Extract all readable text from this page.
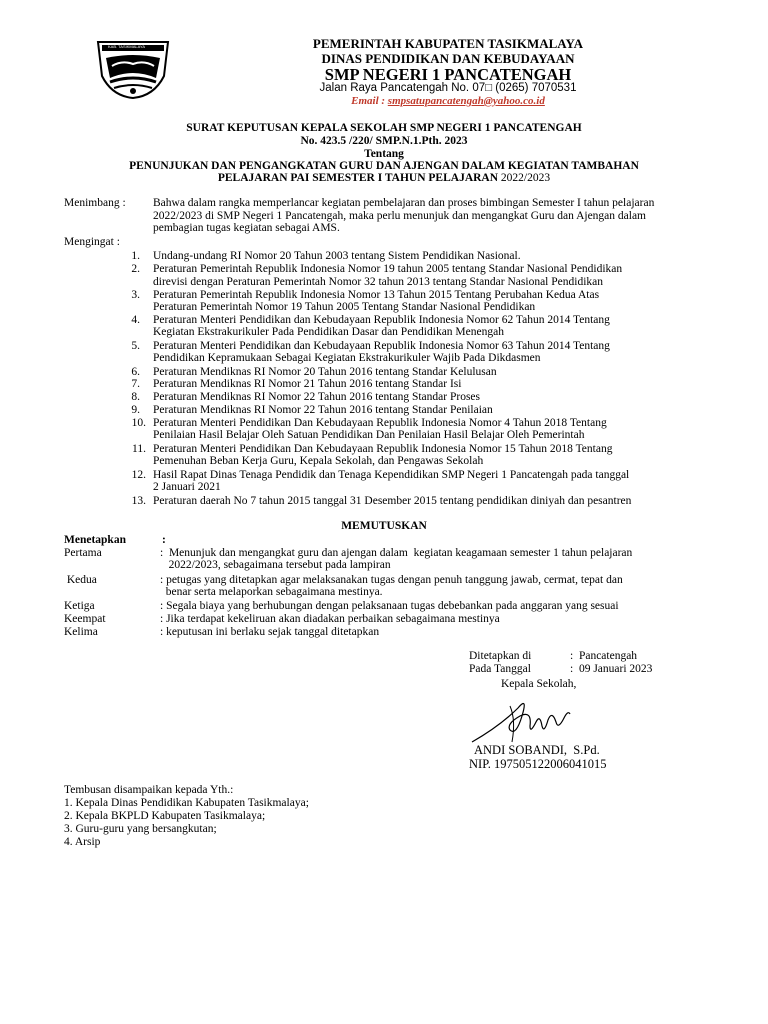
KAB. TASIKMALAYA	PEMERINTAH KABUPATEN TASIKMALAYA
DINAS PENDIDIKAN DAN KEBUDAYAAN
SMP NEGERI 1 PANCATENGAH
Jalan Raya Pancatengah No. 07□ (0265) 7070531
Email : smpsatupancatengah@yahoo.co.id
SURAT KEPUTUSAN KEPALA SEKOLAH SMP NEGERI 1 PANCATENGAH
No. 423.5 /220/ SMP.N.1.Pth. 2023
Tentang
PENUNJUKAN DAN PENGANGKATAN GURU DAN AJENGAN DALAM KEGIATAN TAMBAHAN
PELAJARAN PAI SEMESTER I TAHUN PELAJARAN 2022/2023
Menimbang : Bahwa dalam rangka memperlancar kegiatan pembelajaran dan proses bimbingan Semester I tahun pelajaran
2022/2023 di SMP Negeri 1 Pancatengah, maka perlu menunjuk dan mengangkat Guru dan Ajengan dalam
pembagian tugas kegiatan sebagai AMS.
Mengingat :
1. Undang-undang RI Nomor 20 Tahun 2003 tentang Sistem Pendidikan Nasional.
2. Peraturan Pemerintah Republik Indonesia Nomor 19 tahun 2005 tentang Standar Nasional Pendidikan
direvisi dengan Peraturan Pemerintah Nomor 32 tahun 2013 tentang Standar Nasional Pendidikan
3. Peraturan Pemerintah Republik Indonesia Nomor 13 Tahun 2015 Tentang Perubahan Kedua Atas
Peraturan Pemerintah Nomor 19 Tahun 2005 Tentang Standar Nasional Pendidikan
4. Peraturan Menteri Pendidikan dan Kebudayaan Republik Indonesia Nomor 62 Tahun 2014 Tentang
Kegiatan Ekstrakurikuler Pada Pendidikan Dasar dan Pendidikan Menengah
5. Peraturan Menteri Pendidikan dan Kebudayaan Republik Indonesia Nomor 63 Tahun 2014 Tentang
Pendidikan Kepramukaan Sebagai Kegiatan Ekstrakurikuler Wajib Pada Dikdasmen
6. Peraturan Mendiknas RI Nomor 20 Tahun 2016 tentang Standar Kelulusan
7. Peraturan Mendiknas RI Nomor 21 Tahun 2016 tentang Standar Isi
8. Peraturan Mendiknas RI Nomor 22 Tahun 2016 tentang Standar Proses
9. Peraturan Mendiknas RI Nomor 22 Tahun 2016 tentang Standar Penilaian
10. Peraturan Menteri Pendidikan Dan Kebudayaan Republik Indonesia Nomor 4 Tahun 2018 Tentang
Penilaian Hasil Belajar Oleh Satuan Pendidikan Dan Penilaian Hasil Belajar Oleh Pemerintah
11. Peraturan Menteri Pendidikan Dan Kebudayaan Republik Indonesia Nomor 15 Tahun 2018 Tentang
Pemenuhan Beban Kerja Guru, Kepala Sekolah, dan Pengawas Sekolah
12. Hasil Rapat Dinas Tenaga Pendidik dan Tenaga Kependidikan SMP Negeri 1 Pancatengah pada tanggal
2 Januari 2021
13. Peraturan daerah No 7 tahun 2015 tanggal 31 Desember 2015 tentang pendidikan diniyah dan pesantren
MEMUTUSKAN
Menetapkan	:
Pertama	:  Menunjuk dan mengangkat guru dan ajengan dalam  kegiatan keagamaan semester 1 tahun pelajaran
2022/2023, sebagaimana tersebut pada lampiran
Kedua	: petugas yang ditetapkan agar melaksanakan tugas dengan penuh tanggung jawab, cermat, tepat dan
benar serta melaporkan sebagaimana mestinya.
Ketiga	: Segala biaya yang berhubungan dengan pelaksanaan tugas debebankan pada anggaran yang sesuai
Keempat	: Jika terdapat kekeliruan akan diadakan perbaikan sebagaimana mestinya
Kelima	: keputusan ini berlaku sejak tanggal ditetapkan
Ditetapkan di	:  Pancatengah
Pada Tanggal	:  09 Januari 2023
Kepala Sekolah,
ANDI SOBANDI,  S.Pd.
NIP. 197505122006041015
Tembusan disampaikan kepada Yth.:
1. Kepala Dinas Pendidikan Kabupaten Tasikmalaya;
2. Kepala BKPLD Kabupaten Tasikmalaya;
3. Guru-guru yang bersangkutan;
4. Arsip
